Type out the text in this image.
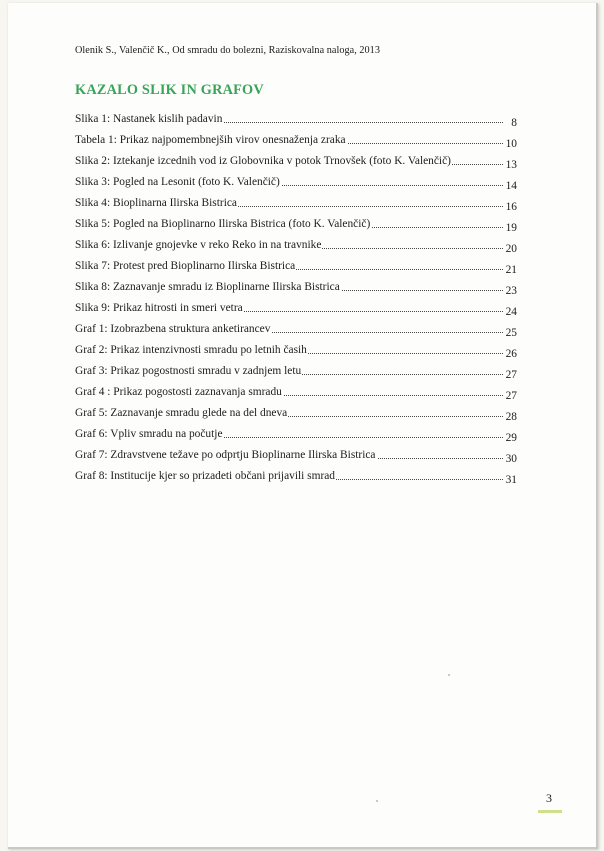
Olenik S., Valenčič K., Od smradu do bolezni, Raziskovalna naloga, 2013
KAZALO SLIK IN GRAFOV
Slika 1: Nastanek kislih padavin	8
Tabela 1: Prikaz najpomembnejših virov onesnaženja zraka	10
Slika 2: Iztekanje izcednih vod iz Globovnika v potok Trnovšek (foto K. Valenčič)	13
Slika 3: Pogled na Lesonit (foto K. Valenčič)	14
Slika 4: Bioplinarna Ilirska Bistrica	16
Slika 5: Pogled na Bioplinarno Ilirska Bistrica (foto K. Valenčič)	19
Slika 6: Izlivanje gnojevke v reko Reko in na travnike	20
Slika 7: Protest pred Bioplinarno Ilirska Bistrica	21
Slika 8: Zaznavanje smradu iz Bioplinarne Ilirska Bistrica	23
Slika 9: Prikaz hitrosti in smeri vetra	24
Graf 1: Izobrazbena struktura anketirancev	25
Graf 2: Prikaz intenzivnosti smradu po letnih časih	26
Graf 3: Prikaz pogostnosti smradu v zadnjem letu	27
Graf 4 : Prikaz pogostosti zaznavanja smradu	27
Graf 5: Zaznavanje smradu glede na del dneva	28
Graf 6: Vpliv smradu na počutje	29
Graf 7: Zdravstvene težave po odprtju Bioplinarne Ilirska Bistrica	30
Graf 8: Institucije kjer so prizadeti občani prijavili smrad	31
3
